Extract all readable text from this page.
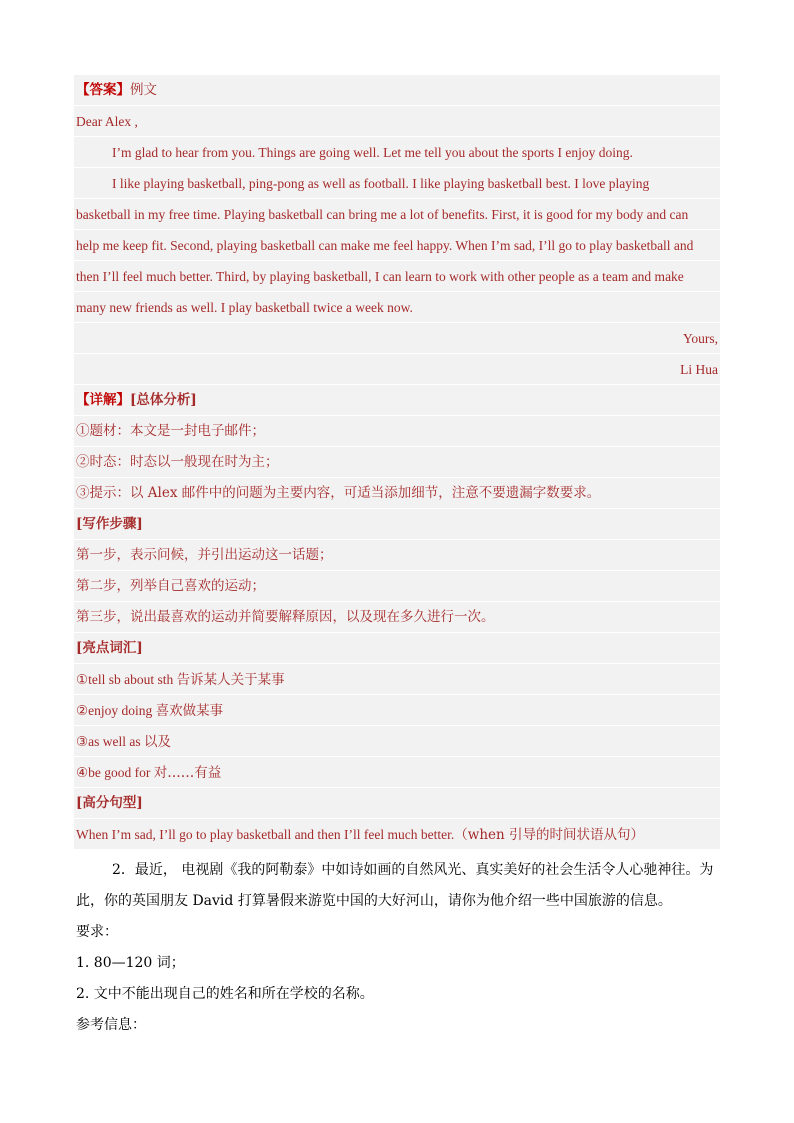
【答案】例文
Dear Alex ,
I’m glad to hear from you. Things are going well. Let me tell you about the sports I enjoy doing.
I like playing basketball, ping-pong as well as football. I like playing basketball best. I love playing
basketball in my free time. Playing basketball can bring me a lot of benefits. First, it is good for my body and can
help me keep fit. Second, playing basketball can make me feel happy. When I’m sad, I’ll go to play basketball and
then I’ll feel much better. Third, by playing basketball, I can learn to work with other people as a team and make
many new friends as well. I play basketball twice a week now.
Yours,
Li Hua
【详解】[总体分析]
①题材：本文是一封电子邮件；
②时态：时态以一般现在时为主；
③提示：以 Alex 邮件中的问题为主要内容，可适当添加细节，注意不要遗漏字数要求。
[写作步骤]
第一步，表示问候，并引出运动这一话题；
第二步，列举自己喜欢的运动；
第三步，说出最喜欢的运动并简要解释原因，以及现在多久进行一次。
[亮点词汇]
①tell sb about sth 告诉某人关于某事
②enjoy doing 喜欢做某事
③as well as 以及
④be good for 对……有益
[高分句型]
When I’m sad, I’ll go to play basketball and then I’ll feel much better.（when 引导的时间状语从句）
2．最近， 电视剧《我的阿勒泰》中如诗如画的自然风光、真实美好的社会生活令人心驰神往。为
此，你的英国朋友 David 打算暑假来游览中国的大好河山，请你为他介绍一些中国旅游的信息。
要求：
1. 80—120 词；
2. 文中不能出现自己的姓名和所在学校的名称。
参考信息：
